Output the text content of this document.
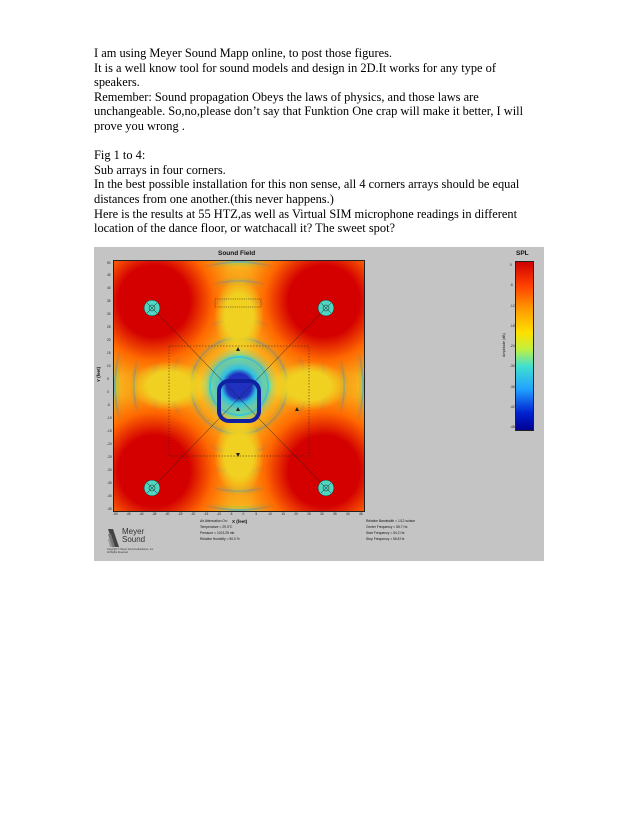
I am using Meyer Sound Mapp online, to post those figures.

It is a well know tool for sound models and design in 2D.It works for any type of

speakers.

Remember: Sound propagation Obeys the laws of physics, and those laws are

unchangeable. So,no,please don’t say that Funktion One crap will make it better, I will

prove you wrong .

Fig 1 to 4:

Sub arrays in four corners.

In the best possible installation for this non sense, all 4 corners arrays should be equal

distances from one another.(this never happens.)

Here is the results at 55 HTZ,as well as Virtual SIM microphone readings in different

location of the dance floor, or watchacall it? The sweet spot?

Sound Field	SPL
-50	-45	-40	-35	-30	-25	-20	-15	-10	-5	0	5	10	15	20	25	30	35	40	45
50
45
40
35
30
25
20
15
10
5
0
-5
-10
-15
-20
-25
-30
-35
-40
-45
X (feet)
Y (feet)
0
-6
-12
-18
-24
-30
-36
-42
-48
Amplitude (dB)
Meyer
Sound
Copyright © Meyer Sound Laboratories, Inc.
All Rights Reserved
Air Attenuation On:
Temperature = 29.3°C
Pressure = 1013.25 mb
Relative Humidity = 50.0 %
Relative Bandwidth = 1/12 octave
Center Frequency = 55.7 Hz
Start Frequency = 54.2 Hz
Stop Frequency = 56.8 Hz
